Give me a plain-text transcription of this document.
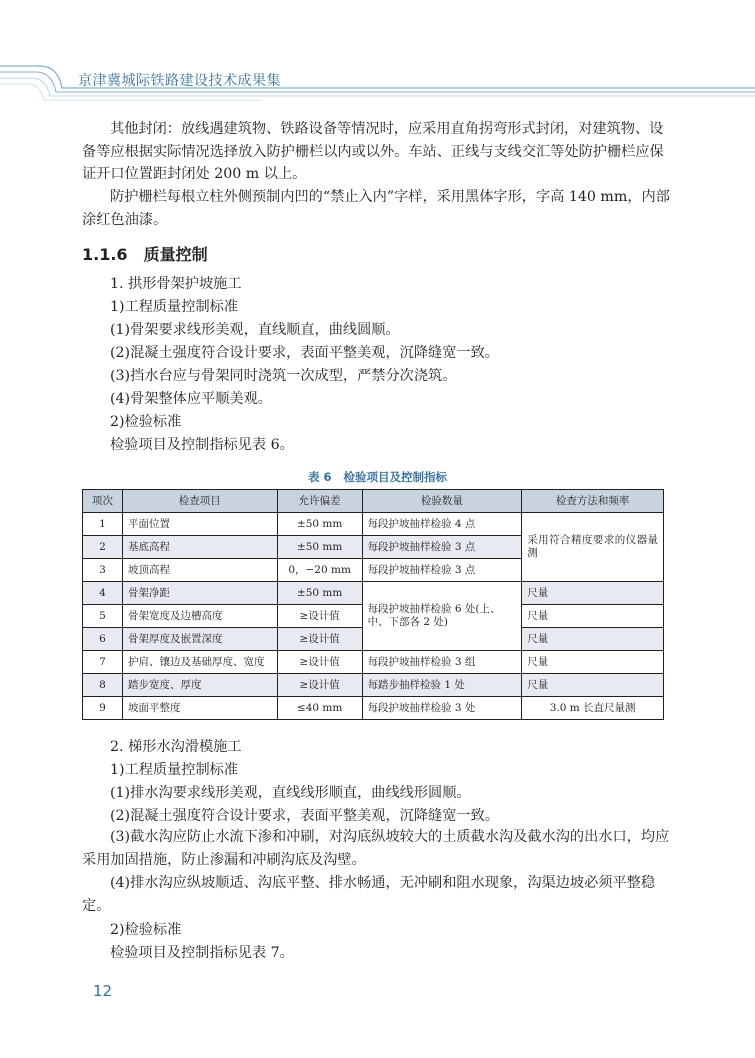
京津冀城际铁路建设技术成果集

其他封闭：放线遇建筑物、铁路设备等情况时，应采用直角拐弯形式封闭，对建筑物、设备等应根据实际情况选择放入防护栅栏以内或以外。车站、正线与支线交汇等处防护栅栏应保证开口位置距封闭处 200 m 以上。

防护栅栏每根立柱外侧预制内凹的“禁止入内”字样，采用黑体字形，字高 140 mm，内部涂红色油漆。

1.1.6 质量控制
1. 拱形骨架护坡施工
1)工程质量控制标准
(1)骨架要求线形美观，直线顺直，曲线圆顺。
(2)混凝土强度符合设计要求，表面平整美观，沉降缝宽一致。
(3)挡水台应与骨架同时浇筑一次成型，严禁分次浇筑。
(4)骨架整体应平顺美观。
2)检验标准
检验项目及控制指标见表 6。
表 6 检验项目及控制指标
项次	检查项目	允许偏差	检验数量	检查方法和频率
1	平面位置	±50 mm	每段护坡抽样检验 4 点	采用符合精度要求的仪器量测
2	基底高程	±50 mm	每段护坡抽样检验 3 点	
3	坡顶高程	0，−20 mm	每段护坡抽样检验 3 点	
4	骨架净距	±50 mm	每段护坡抽样检验 6 处(上、中、下部各 2 处)	尺量
5	骨架宽度及边槽高度	≥设计值		尺量
6	骨架厚度及嵌置深度	≥设计值		尺量
7	护肩、镶边及基础厚度、宽度	≥设计值	每段护坡抽样检验 3 组	尺量
8	踏步宽度、厚度	≥设计值	每踏步抽样检验 1 处	尺量
9	坡面平整度	≤40 mm	每段护坡抽样检验 3 处	3.0 m 长直尺量测
2. 梯形水沟滑模施工
1)工程质量控制标准
(1)排水沟要求线形美观，直线线形顺直，曲线线形圆顺。
(2)混凝土强度符合设计要求，表面平整美观，沉降缝宽一致。

(3)截水沟应防止水流下渗和冲刷，对沟底纵坡较大的土质截水沟及截水沟的出水口，均应采用加固措施，防止渗漏和冲刷沟底及沟壁。

(4)排水沟应纵坡顺适、沟底平整、排水畅通，无冲刷和阻水现象，沟渠边坡必须平整稳定。

2)检验标准
检验项目及控制指标见表 7。
12
